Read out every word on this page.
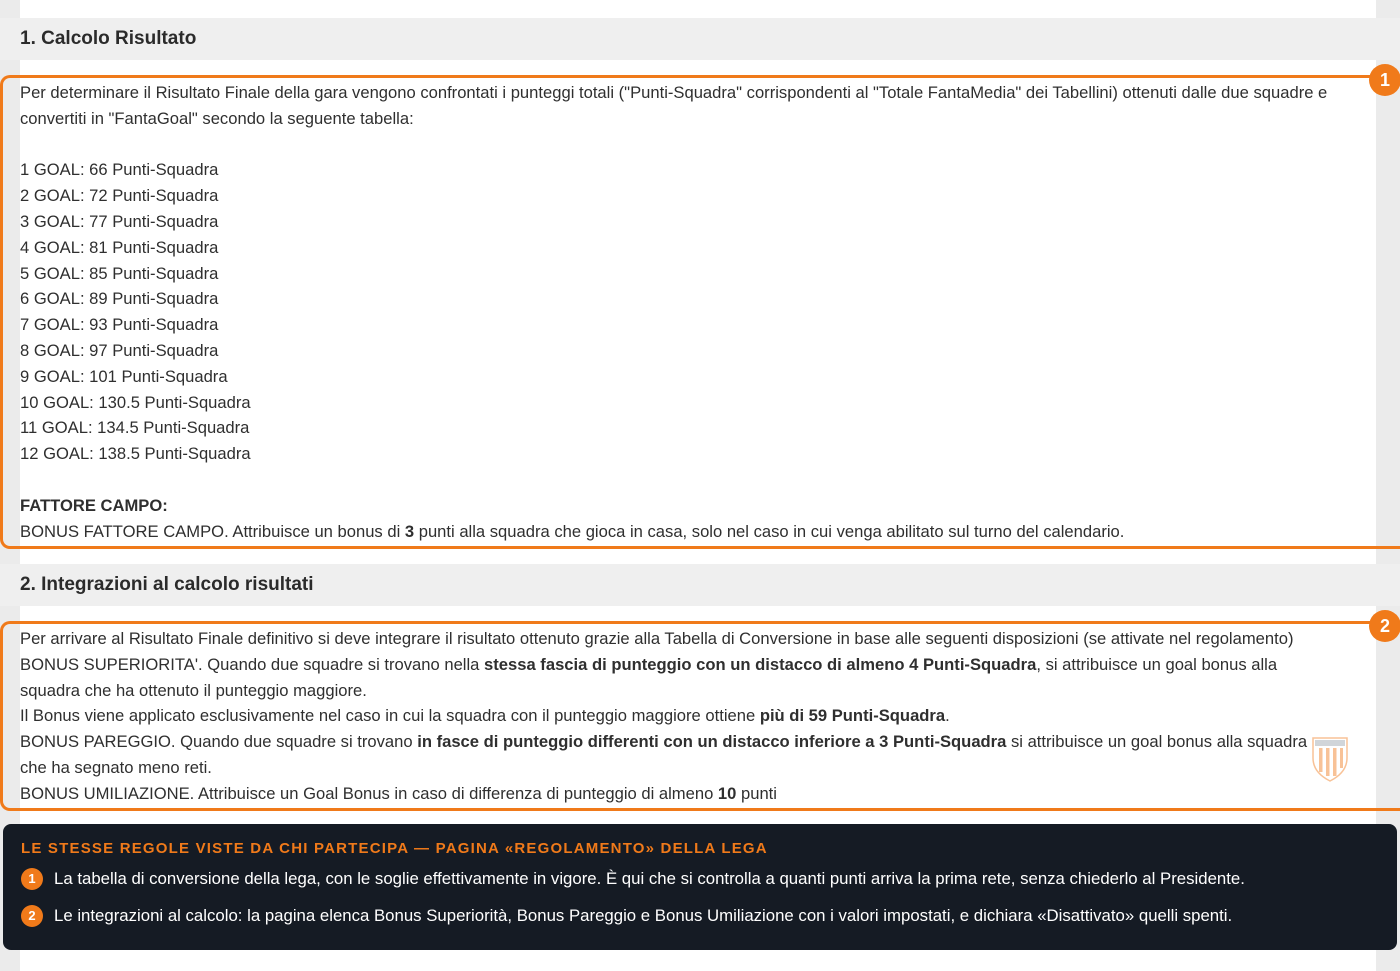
1. Calcolo Risultato

Per determinare il Risultato Finale della gara vengono confrontati i punteggi totali ("Punti-Squadra" corrispondenti al "Totale FantaMedia" dei Tabellini) ottenuti dalle due squadre e

convertiti in "FantaGoal" secondo la seguente tabella:

1 GOAL: 66 Punti-Squadra

2 GOAL: 72 Punti-Squadra

3 GOAL: 77 Punti-Squadra

4 GOAL: 81 Punti-Squadra

5 GOAL: 85 Punti-Squadra

6 GOAL: 89 Punti-Squadra

7 GOAL: 93 Punti-Squadra

8 GOAL: 97 Punti-Squadra

9 GOAL: 101 Punti-Squadra

10 GOAL: 130.5 Punti-Squadra

11 GOAL: 134.5 Punti-Squadra

12 GOAL: 138.5 Punti-Squadra

FATTORE CAMPO:

BONUS FATTORE CAMPO. Attribuisce un bonus di 3 punti alla squadra che gioca in casa, solo nel caso in cui venga abilitato sul turno del calendario.

1
2. Integrazioni al calcolo risultati

Per arrivare al Risultato Finale definitivo si deve integrare il risultato ottenuto grazie alla Tabella di Conversione in base alle seguenti disposizioni (se attivate nel regolamento)

BONUS SUPERIORITA'. Quando due squadre si trovano nella stessa fascia di punteggio con un distacco di almeno 4 Punti-Squadra, si attribuisce un goal bonus alla

squadra che ha ottenuto il punteggio maggiore.

Il Bonus viene applicato esclusivamente nel caso in cui la squadra con il punteggio maggiore ottiene più di 59 Punti-Squadra.

BONUS PAREGGIO. Quando due squadre si trovano in fasce di punteggio differenti con un distacco inferiore a 3 Punti-Squadra si attribuisce un goal bonus alla squadra

che ha segnato meno reti.

BONUS UMILIAZIONE. Attribuisce un Goal Bonus in caso di differenza di punteggio di almeno 10 punti

2
LE STESSE REGOLE VISTE DA CHI PARTECIPA — PAGINA «REGOLAMENTO» DELLA LEGA
1	La tabella di conversione della lega, con le soglie effettivamente in vigore. È qui che si controlla a quanti punti arriva la prima rete, senza chiederlo al Presidente.
2	Le integrazioni al calcolo: la pagina elenca Bonus Superiorità, Bonus Pareggio e Bonus Umiliazione con i valori impostati, e dichiara «Disattivato» quelli spenti.
